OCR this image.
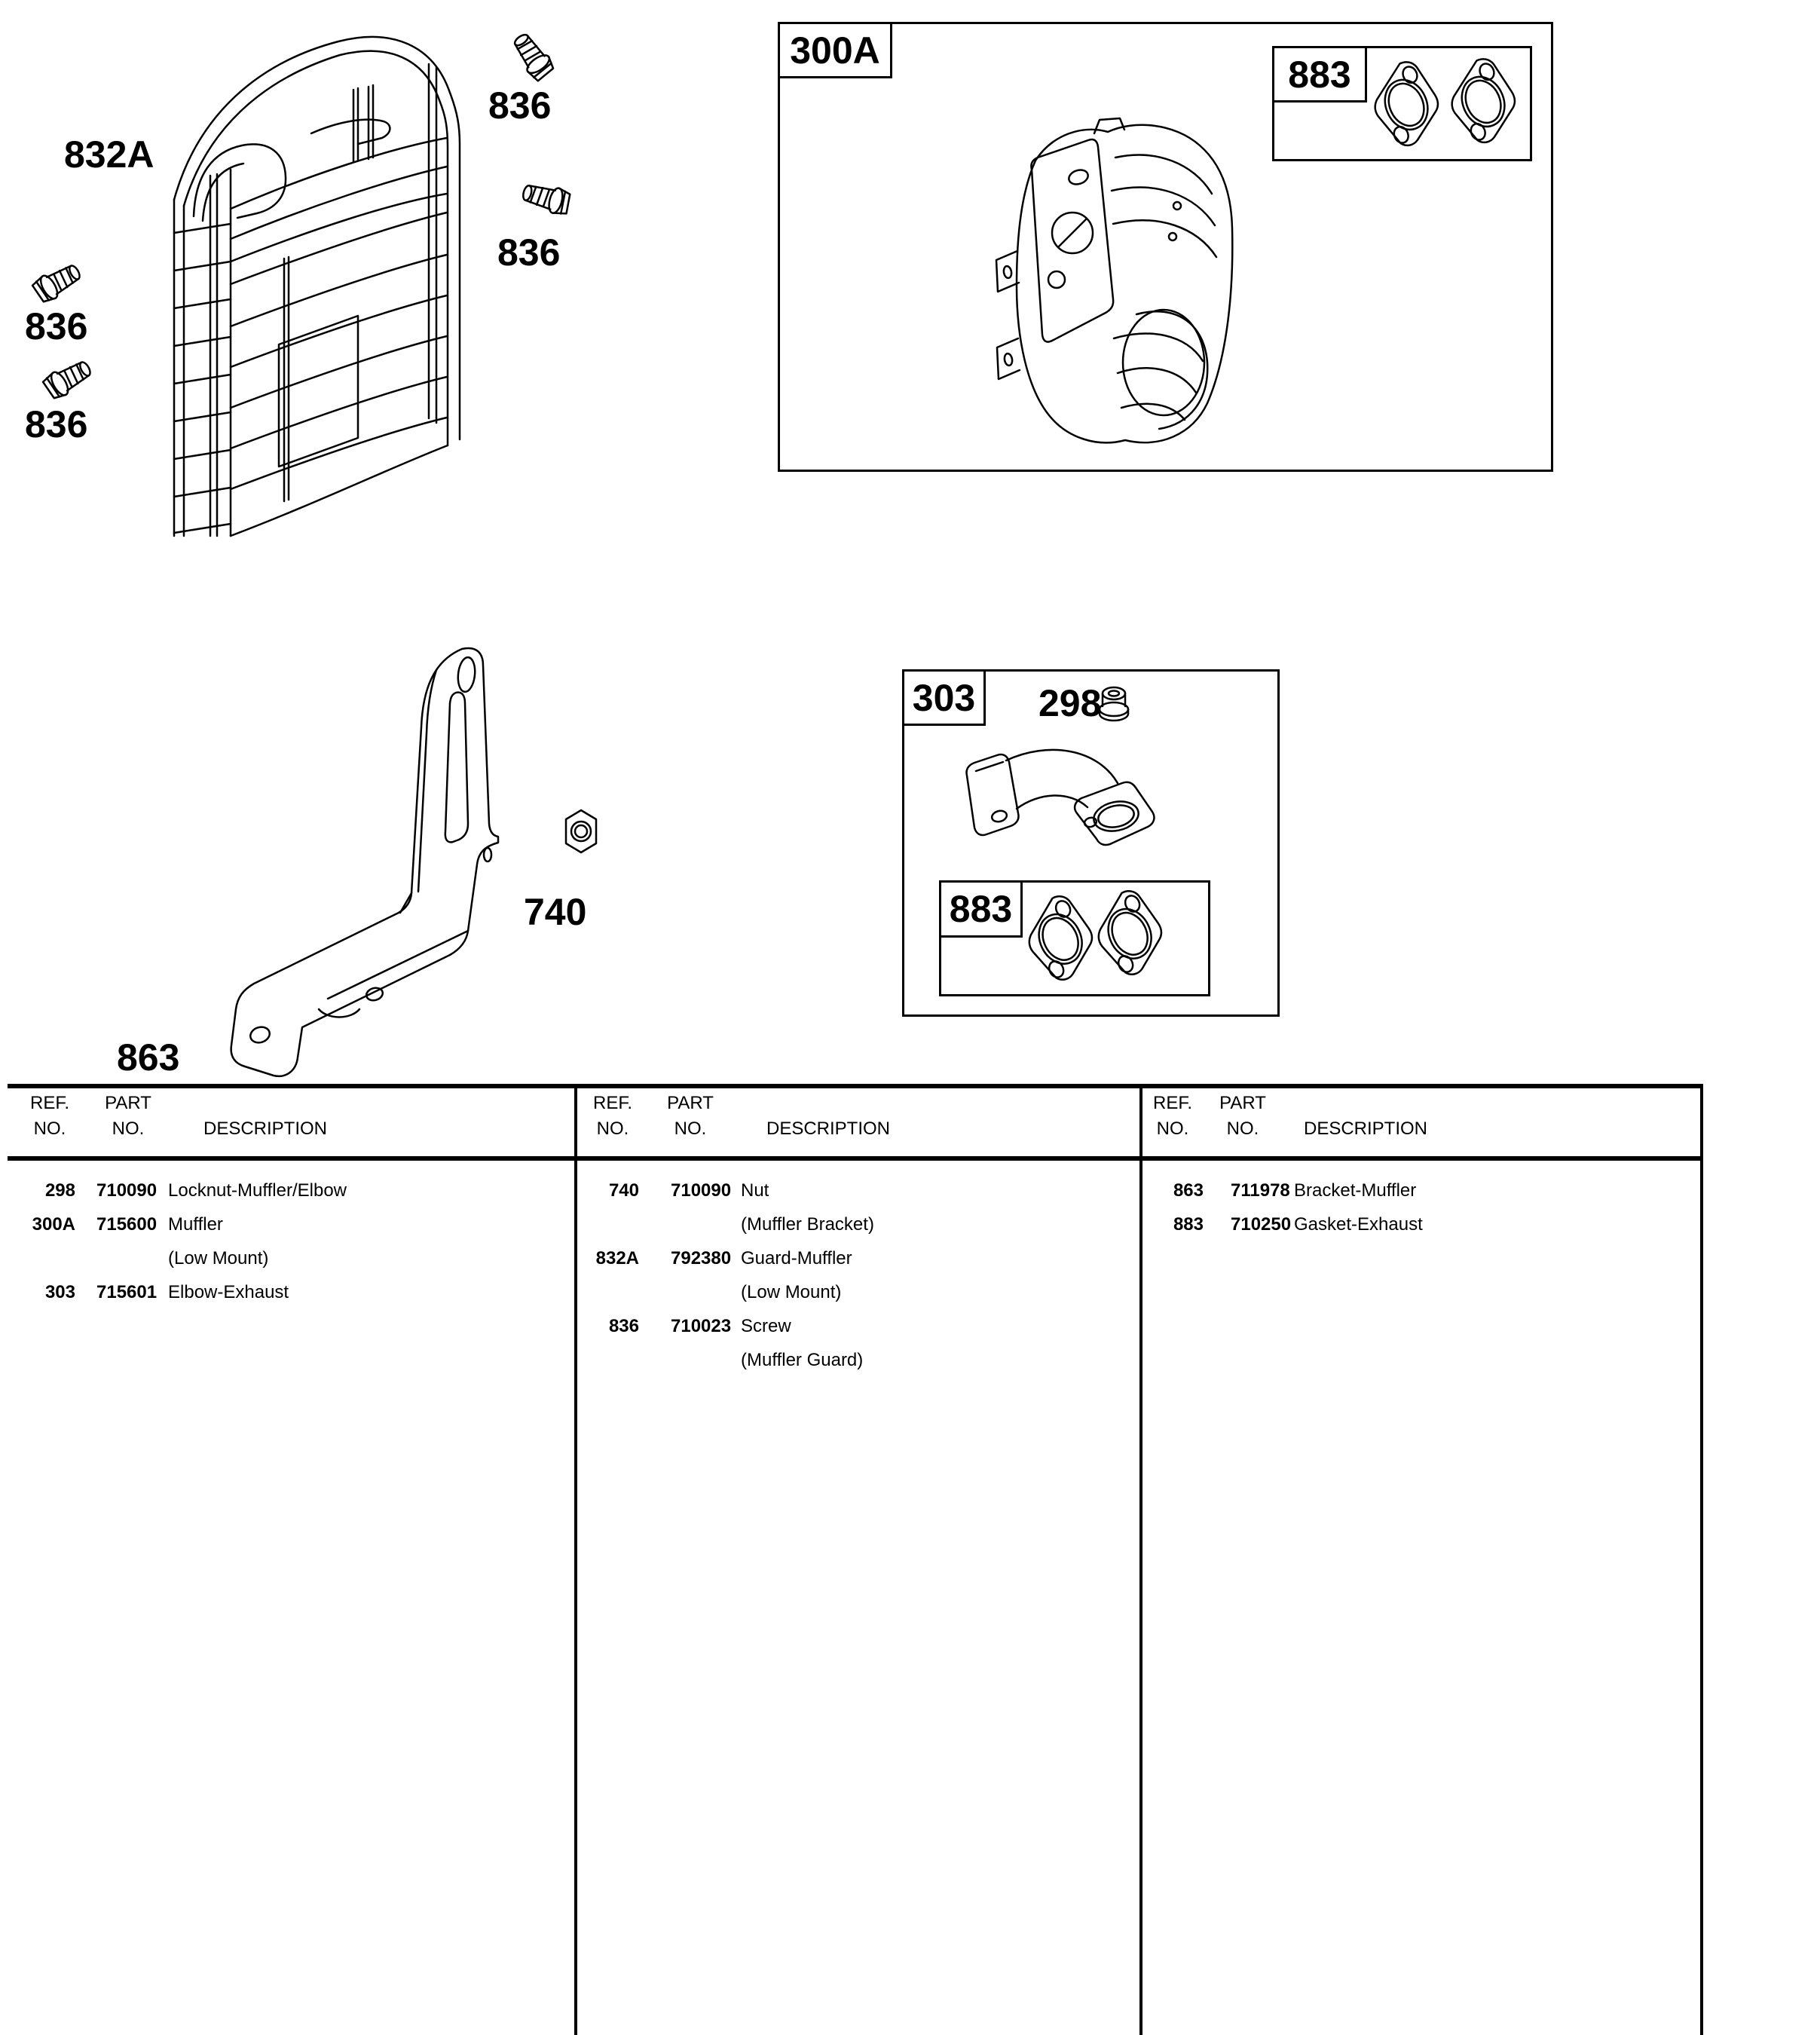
832A
836
836
836
836
300A
883
740
863
303 298
883
REF.
NO.
PART
NO.	DESCRIPTION
298 710090 Locknut-Muffler/Elbow
300A 715600 Muffler
(Low Mount)
303 715601 Elbow-Exhaust
REF.
NO.
PART
NO.	DESCRIPTION
740 710090 Nut
(Muffler Bracket)
832A 792380 Guard-Muffler
(Low Mount)
836 710023 Screw
(Muffler Guard)
REF.
NO.
PART
NO. DESCRIPTION
863 711978 Bracket-Muffler
883 710250 Gasket-Exhaust
